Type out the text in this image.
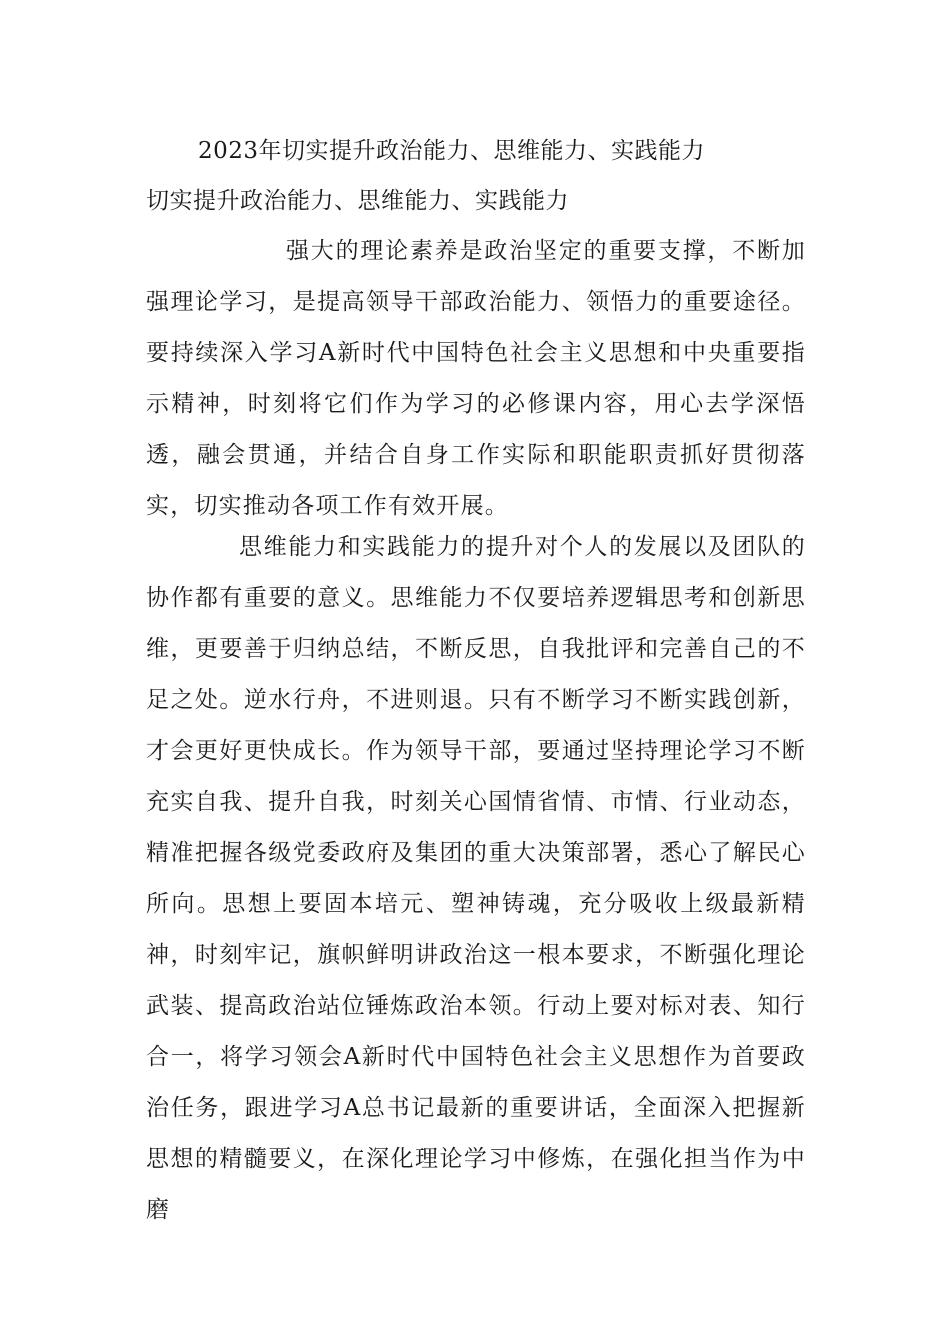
2023年切实提升政治能力、思维能力、实践能力
切实提升政治能力、思维能力、实践能力

强大的理论素养是政治坚定的重要支撑，不断加强理论学习，是提高领导干部政治能力、领悟力的重要途径。要持续深入学习A新时代中国特色社会主义思想和中央重要指示精神，时刻将它们作为学习的必修课内容，用心去学深悟透，融会贯通，并结合自身工作实际和职能职责抓好贯彻落实，切实推动各项工作有效开展。

思维能力和实践能力的提升对个人的发展以及团队的协作都有重要的意义。思维能力不仅要培养逻辑思考和创新思维，更要善于归纳总结，不断反思，自我批评和完善自己的不足之处。逆水行舟，不进则退。只有不断学习不断实践创新，才会更好更快成长。作为领导干部，要通过坚持理论学习不断充实自我、提升自我，时刻关心国情省情、市情、行业动态，精准把握各级党委政府及集团的重大决策部署，悉心了解民心所向。思想上要固本培元、塑神铸魂，充分吸收上级最新精神，时刻牢记，旗帜鲜明讲政治这一根本要求，不断强化理论武装、提高政治站位锤炼政治本领。行动上要对标对表、知行合一，将学习领会A新时代中国特色社会主义思想作为首要政治任务，跟进学习A总书记最新的重要讲话，全面深入把握新思想的精髓要义，在深化理论学习中修炼，在强化担当作为中磨
